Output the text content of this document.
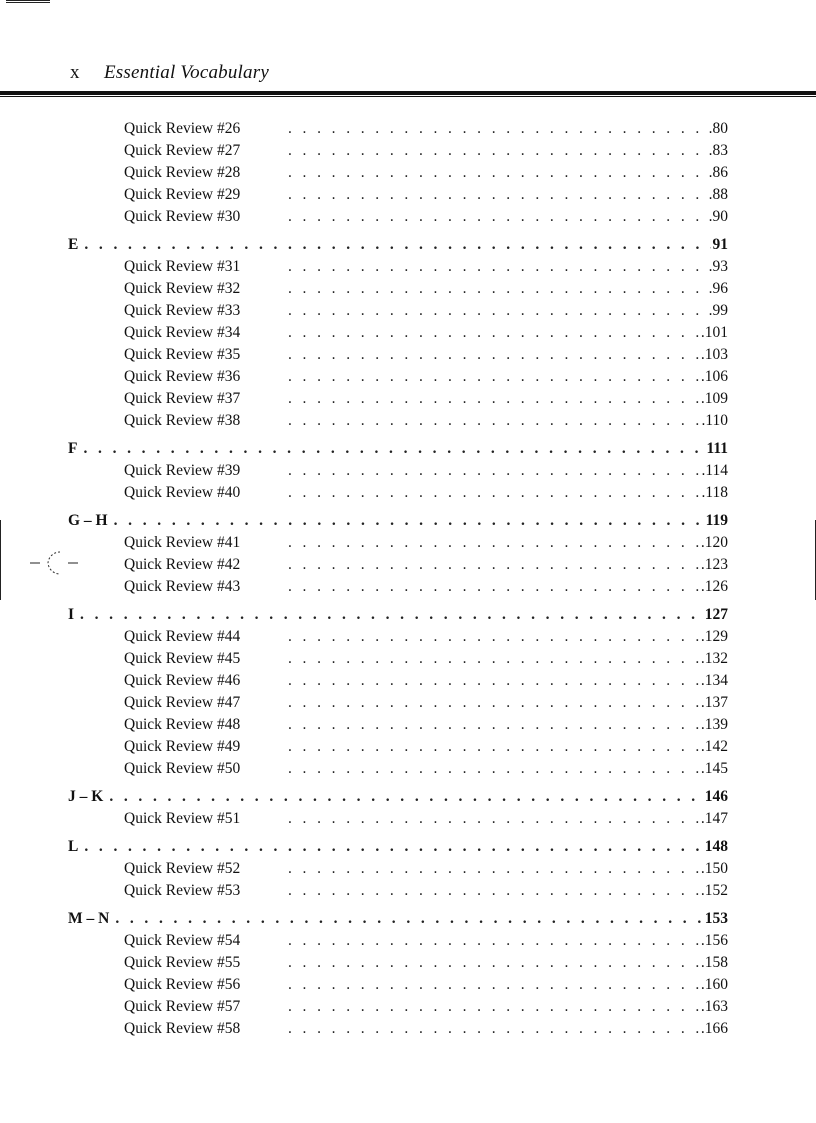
x Essential Vocabulary
Quick Review #26 . . .	.80
Quick Review #27 . . .	.83
Quick Review #28 . . .	.86
Quick Review #29 . . .	.88
Quick Review #30 . . .	.90
E . . .	91
Quick Review #31 . . .	.93
Quick Review #32 . . .	.96
Quick Review #33 . . .	.99
Quick Review #34 . . .	.101
Quick Review #35 . . .	.103
Quick Review #36 . . .	.106
Quick Review #37 . . .	.109
Quick Review #38 . . .	.110
F . . .	111
Quick Review #39 . . .	.114
Quick Review #40 . . .	.118
G – H . . .	119
Quick Review #41 . . .	.120
Quick Review #42 . . .	.123
Quick Review #43 . . .	.126
I . . .	127
Quick Review #44 . . .	.129
Quick Review #45 . . .	.132
Quick Review #46 . . .	.134
Quick Review #47 . . .	.137
Quick Review #48 . . .	.139
Quick Review #49 . . .	.142
Quick Review #50 . . .	.145
J – K . . .	146
Quick Review #51 . . .	.147
L . . .	148
Quick Review #52 . . .	.150
Quick Review #53 . . .	.152
M – N . . .	153
Quick Review #54 . . .	.156
Quick Review #55 . . .	.158
Quick Review #56 . . .	.160
Quick Review #57 . . .	.163
Quick Review #58 . . .	.166
